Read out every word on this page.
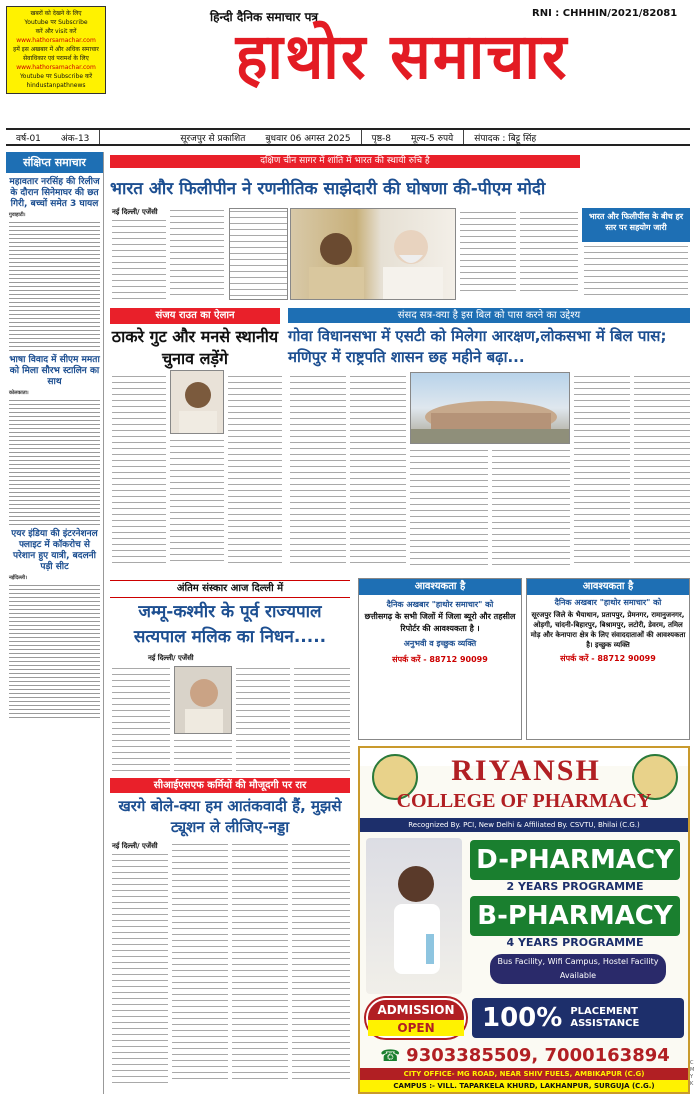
खबरों को देखने के लिए
Youtube पर Subscribe
करें और visit करें
www.hathorsamachar.com
हमें इस अखबार में और अधिक समाचार
सेवाधिकार एवं परामर्श के लिए
www.hathorsamachar.com
Youtube पर Subscribe करें
hindustanpathnews
हिन्दी दैनिक समाचार पत्र	RNI : CHHHIN/2021/82081
हाथोर समाचार
वर्ष-01	अंक-13	सूरजपुर से प्रकाशित	बुधवार 06 अगस्त 2025	पृष्ठ-8	मूल्य-5 रुपये	संपादक : बिट्टू सिंह
संक्षिप्त समाचार
महावतार नरसिंह की रिलीज के दौरान सिनेमाघर की छत गिरी, बच्चों समेत 3 घायल
गुवाहाटी।
भाषा विवाद में सीएम ममता को मिला सौरभ स्टालिन का साथ
कोलकाता।
एयर इंडिया की इंटरनेशनल फ्लाइट में कॉकरोच से परेशान हुए यात्री, बदलनी पड़ी सीट
नईदिल्ली।
दक्षिण चीन सागर में शांति में भारत की स्थायी रुचि है
भारत और फिलीपीन ने रणनीतिक साझेदारी की घोषणा की-पीएम मोदी
भारत और फिलीपींस के बीच हर स्तर पर सहयोग जारी
नई दिल्ली/ एजेंसी
संजय राउत का ऐलान
ठाकरे गुट और मनसे स्थानीय चुनाव लड़ेंगे
संसद सत्र-क्या है इस बिल को पास करने का उद्देश्य
गोवा विधानसभा में एसटी को मिलेगा आरक्षण,लोकसभा में बिल पास; मणिपुर में राष्ट्रपति शासन छह महीने बढ़ा...
अंतिम संस्कार आज दिल्ली में
जम्मू-कश्मीर के पूर्व राज्यपाल सत्यपाल मलिक का निधन.....
नई दिल्ली/ एजेंसी
सीआईएसएफ कर्मियों की मौजूदगी पर रार
खरगे बोले-क्या हम आतंकवादी हैं, मुझसे ट्यूशन ले लीजिए-नड्डा
नई दिल्ली/ एजेंसी
आवश्यकता है
दैनिक अखबार "हाथोर समाचार" को
छत्तीसगढ़ के सभी जिलों में जिला ब्यूरो और तहसील रिपोर्टर की आवश्यकता है ।
अनुभवी व इच्छुक व्यक्ति
संपर्क करें - 88712 90099
आवश्यकता है
दैनिक अखबार "हाथोर समाचार" को
सूरजपुर जिले के भैयाथान, प्रतापपुर, प्रेमनगर, रामानुजनगर, ओड़गी, चांदनी-बिहारपुर, बिश्रामपुर, लटोरी, डेवरम, तमिल मोड़ और केनापारा क्षेत्र के लिए संवाददाताओं की आवश्यकता है। इच्छुक व्यक्ति
संपर्क करें - 88712 90099
RIYANSH
COLLEGE OF PHARMACY
Recognized By. PCI, New Delhi & Affiliated By. CSVTU, Bhilai (C.G.)
D-PHARMACY
2 YEARS PROGRAMME
B-PHARMACY
4 YEARS PROGRAMME
Bus Facility, Wifi Campus, Hostel Facility Available
ADMISSION
OPEN	100% PLACEMENT ASSISTANCE
☎ 9303385509, 7000163894
CITY OFFICE- MG ROAD, NEAR SHIV FUELS, AMBIKAPUR (C.G)
CAMPUS :- VILL. TAPARKELA KHURD, LAKHANPUR, SURGUJA (C.G.)
C M Y K
